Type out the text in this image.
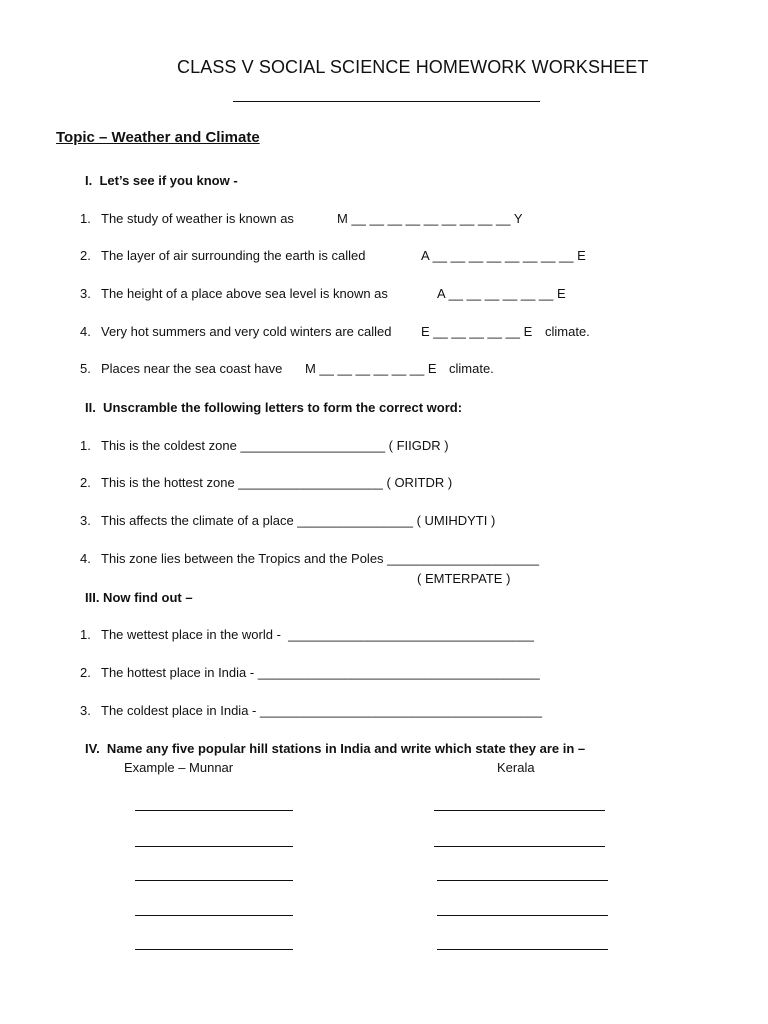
CLASS V SOCIAL SCIENCE HOMEWORK WORKSHEET
Topic – Weather and Climate
I.  Let’s see if you know -
1. The study of weather is known as	M __ __ __ __ __ __ __ __ __ Y
2. The layer of air surrounding the earth is called	A __ __ __ __ __ __ __ __ E
3. The height of a place above sea level is known as	A __ __ __ __ __ __ E
4. Very hot summers and very cold winters are called E __ __ __ __ __ E climate.
5. Places near the sea coast have M __ __ __ __ __ __ E climate.
II.  Unscramble the following letters to form the correct word:
1. This is the coldest zone ____________________ ( FIIGDR )
2. This is the hottest zone ____________________ ( ORITDR )
3. This affects the climate of a place ________________ ( UMIHDYTI )
4. This zone lies between the Tropics and the Poles _____________________
( EMTERPATE )
III. Now find out –
1. The wettest place in the world -  __________________________________
2. The hottest place in India - _______________________________________
3. The coldest place in India - _______________________________________
IV.  Name any five popular hill stations in India and write which state they are in –
Example – Munnar	Kerala
